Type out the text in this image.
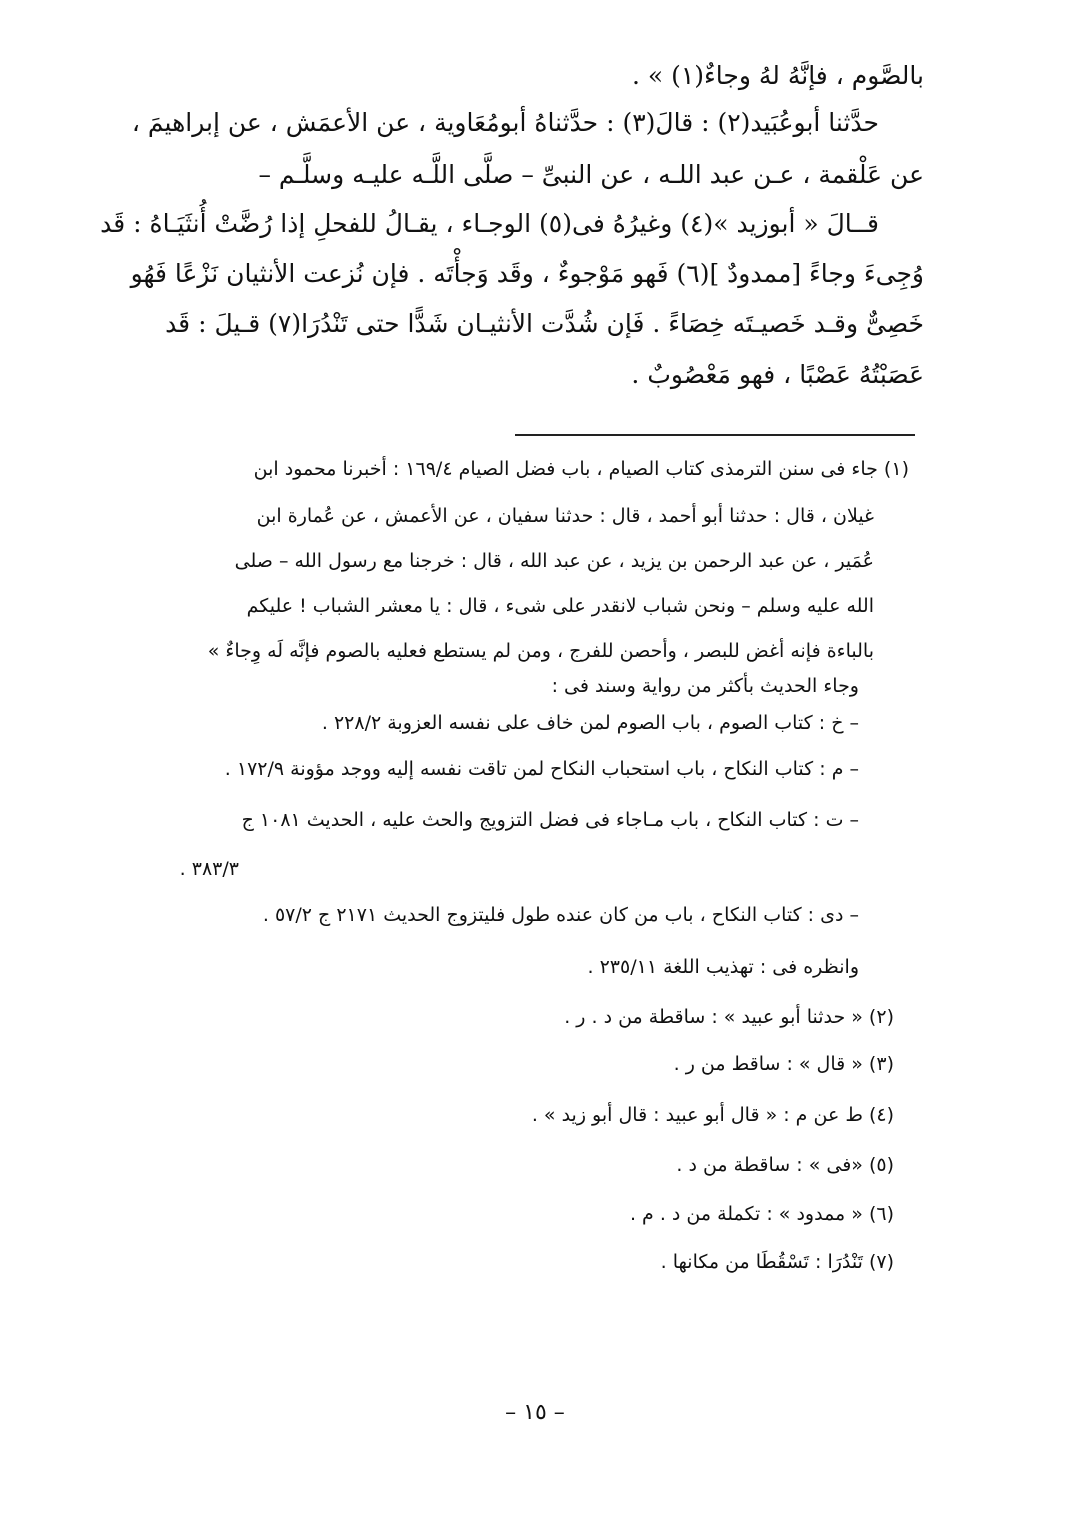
بالصَّوم ، فإنَّهُ لهُ وجاءٌ(١) » .
حدَّثنا أبوعُبَيد(٢) : قالَ(٣) : حدَّثناهُ أبومُعَاوية ، عن الأعمَش ، عن إبراهيمَ ،
عن عَلْقمة ، عـن عبد اللـه ، عن النبىِّ – صلَّى اللَّـه عليـه وسلَّـم –
قــالَ « أبوزيد »(٤) وغيرُهُ فى(٥) الوجـاء ، يقـالُ للفحلِ إذا رُضَّتْ أُنثَيَـاهُ : قَد
وُجِىءَ وجاءً [ممدودٌ ](٦) فَهو مَوْجوءٌ ، وقَد وَجأْتَه . فإن نُزعت الأنثيان نَزْعًا فَهُو
خَصِىٌّ وقـد خَصيـتَه خِصَاءً . فَإن شُدَّت الأنثيـان شَدًّا حتى تَنْدُرَا(٧) قـيلَ : قَد
عَصَبْتُهُ عَصْبًا ، فهو مَعْصُوبٌ .
(١) جاء فى سنن الترمذى كتاب الصيام ، باب فضل الصيام ١٦٩/٤ : أخبرنا محمود ابن
غيلان ، قال : حدثنا أبو أحمد ، قال : حدثنا سفيان ، عن الأعمش ، عن عُمارة ابن
عُمَير ، عن عبد الرحمن بن يزيد ، عن عبد الله ، قال : خرجنا مع رسول الله – صلى
الله عليه وسلم – ونحن شباب لانقدر على شىء ، قال : يا معشر الشباب ! عليكم
بالباءة فإنه أغض للبصر ، وأحصن للفرج ، ومن لم يستطع فعليه بالصوم فإنَّه لَه وِجاءٌ »
وجاء الحديث بأكثر من رواية وسند فى :
– خ : كتاب الصوم ، باب الصوم لمن خاف على نفسه العزوبة ٢٢٨/٢ .
– م : كتاب النكاح ، باب استحباب النكاح لمن تاقت نفسه إليه ووجد مؤونة ١٧٢/٩ .
– ت : كتاب النكاح ، باب مـاجاء فى فضل التزويج والحث عليه ، الحديث ١٠٨١ ج
٣٨٣/٣ .
– دى : كتاب النكاح ، باب من كان عنده طول فليتزوج الحديث ٢١٧١ ج ٥٧/٢ .
وانظره فى : تهذيب اللغة ٢٣٥/١١ .
(٢) « حدثنا أبو عبيد » : ساقطة من د . ر .
(٣) « قال » : ساقط من ر .
(٤) ط عن م : « قال أبو عبيد : قال أبو زيد » .
(٥) «فى » : ساقطة من د .
(٦) « ممدود » : تكملة من د . م .
(٧) تَنْدُرَا : تَسْقُطَا من مكانها .
– ١٥ –
